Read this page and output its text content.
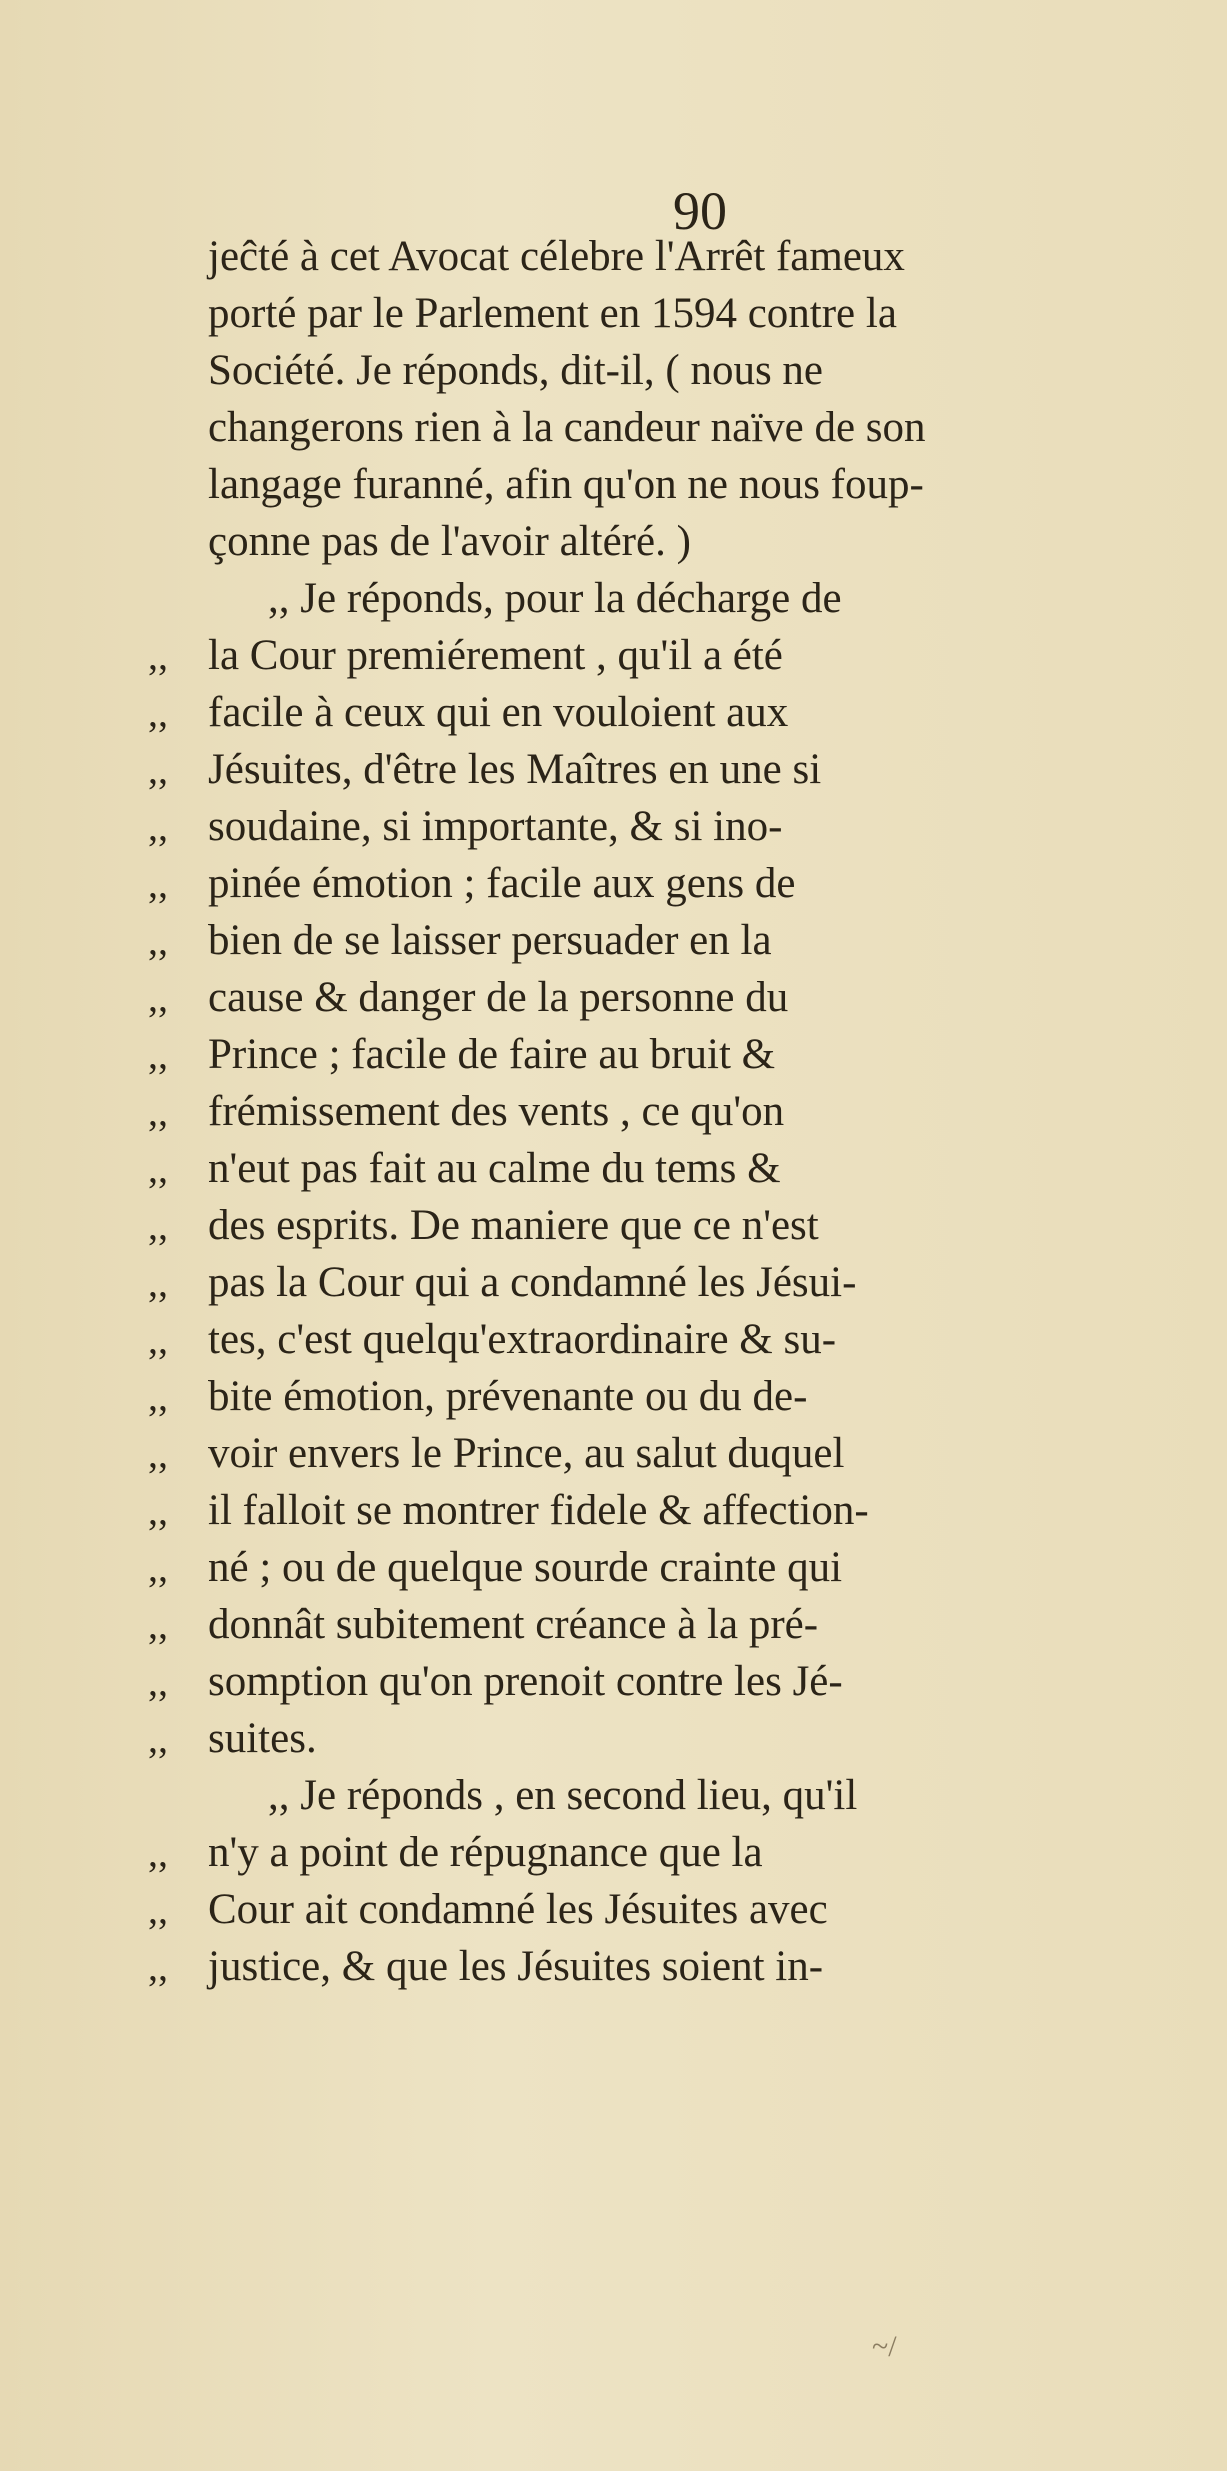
90
jeĉté à cet Avocat célebre l'Arrêt fameux
porté par le Parlement en 1594 contre la
Société. Je réponds, dit-il, ( nous ne
changerons rien à la candeur naïve de son
langage furanné, afin qu'on ne nous foup-
çonne pas de l'avoir altéré. )
,, Je réponds, pour la décharge de
,, la Cour premiérement , qu'il a été
,, facile à ceux qui en vouloient aux
,, Jésuites, d'être les Maîtres en une si
,, soudaine, si importante, & si ino-
,, pinée émotion ; facile aux gens de
,, bien de se laisser persuader en la
,, cause & danger de la personne du
,, Prince ; facile de faire au bruit &
,, frémissement des vents , ce qu'on
,, n'eut pas fait au calme du tems &
,, des esprits. De maniere que ce n'est
,, pas la Cour qui a condamné les Jésui-
,, tes, c'est quelqu'extraordinaire & su-
,, bite émotion, prévenante ou du de-
,, voir envers le Prince, au salut duquel
,, il falloit se montrer fidele & affection-
,, né ; ou de quelque sourde crainte qui
,, donnât subitement créance à la pré-
,, somption qu'on prenoit contre les Jé-
,, suites.
,, Je réponds , en second lieu, qu'il
,, n'y a point de répugnance que la
,, Cour ait condamné les Jésuites avec
,, justice, & que les Jésuites soient in-
~/
